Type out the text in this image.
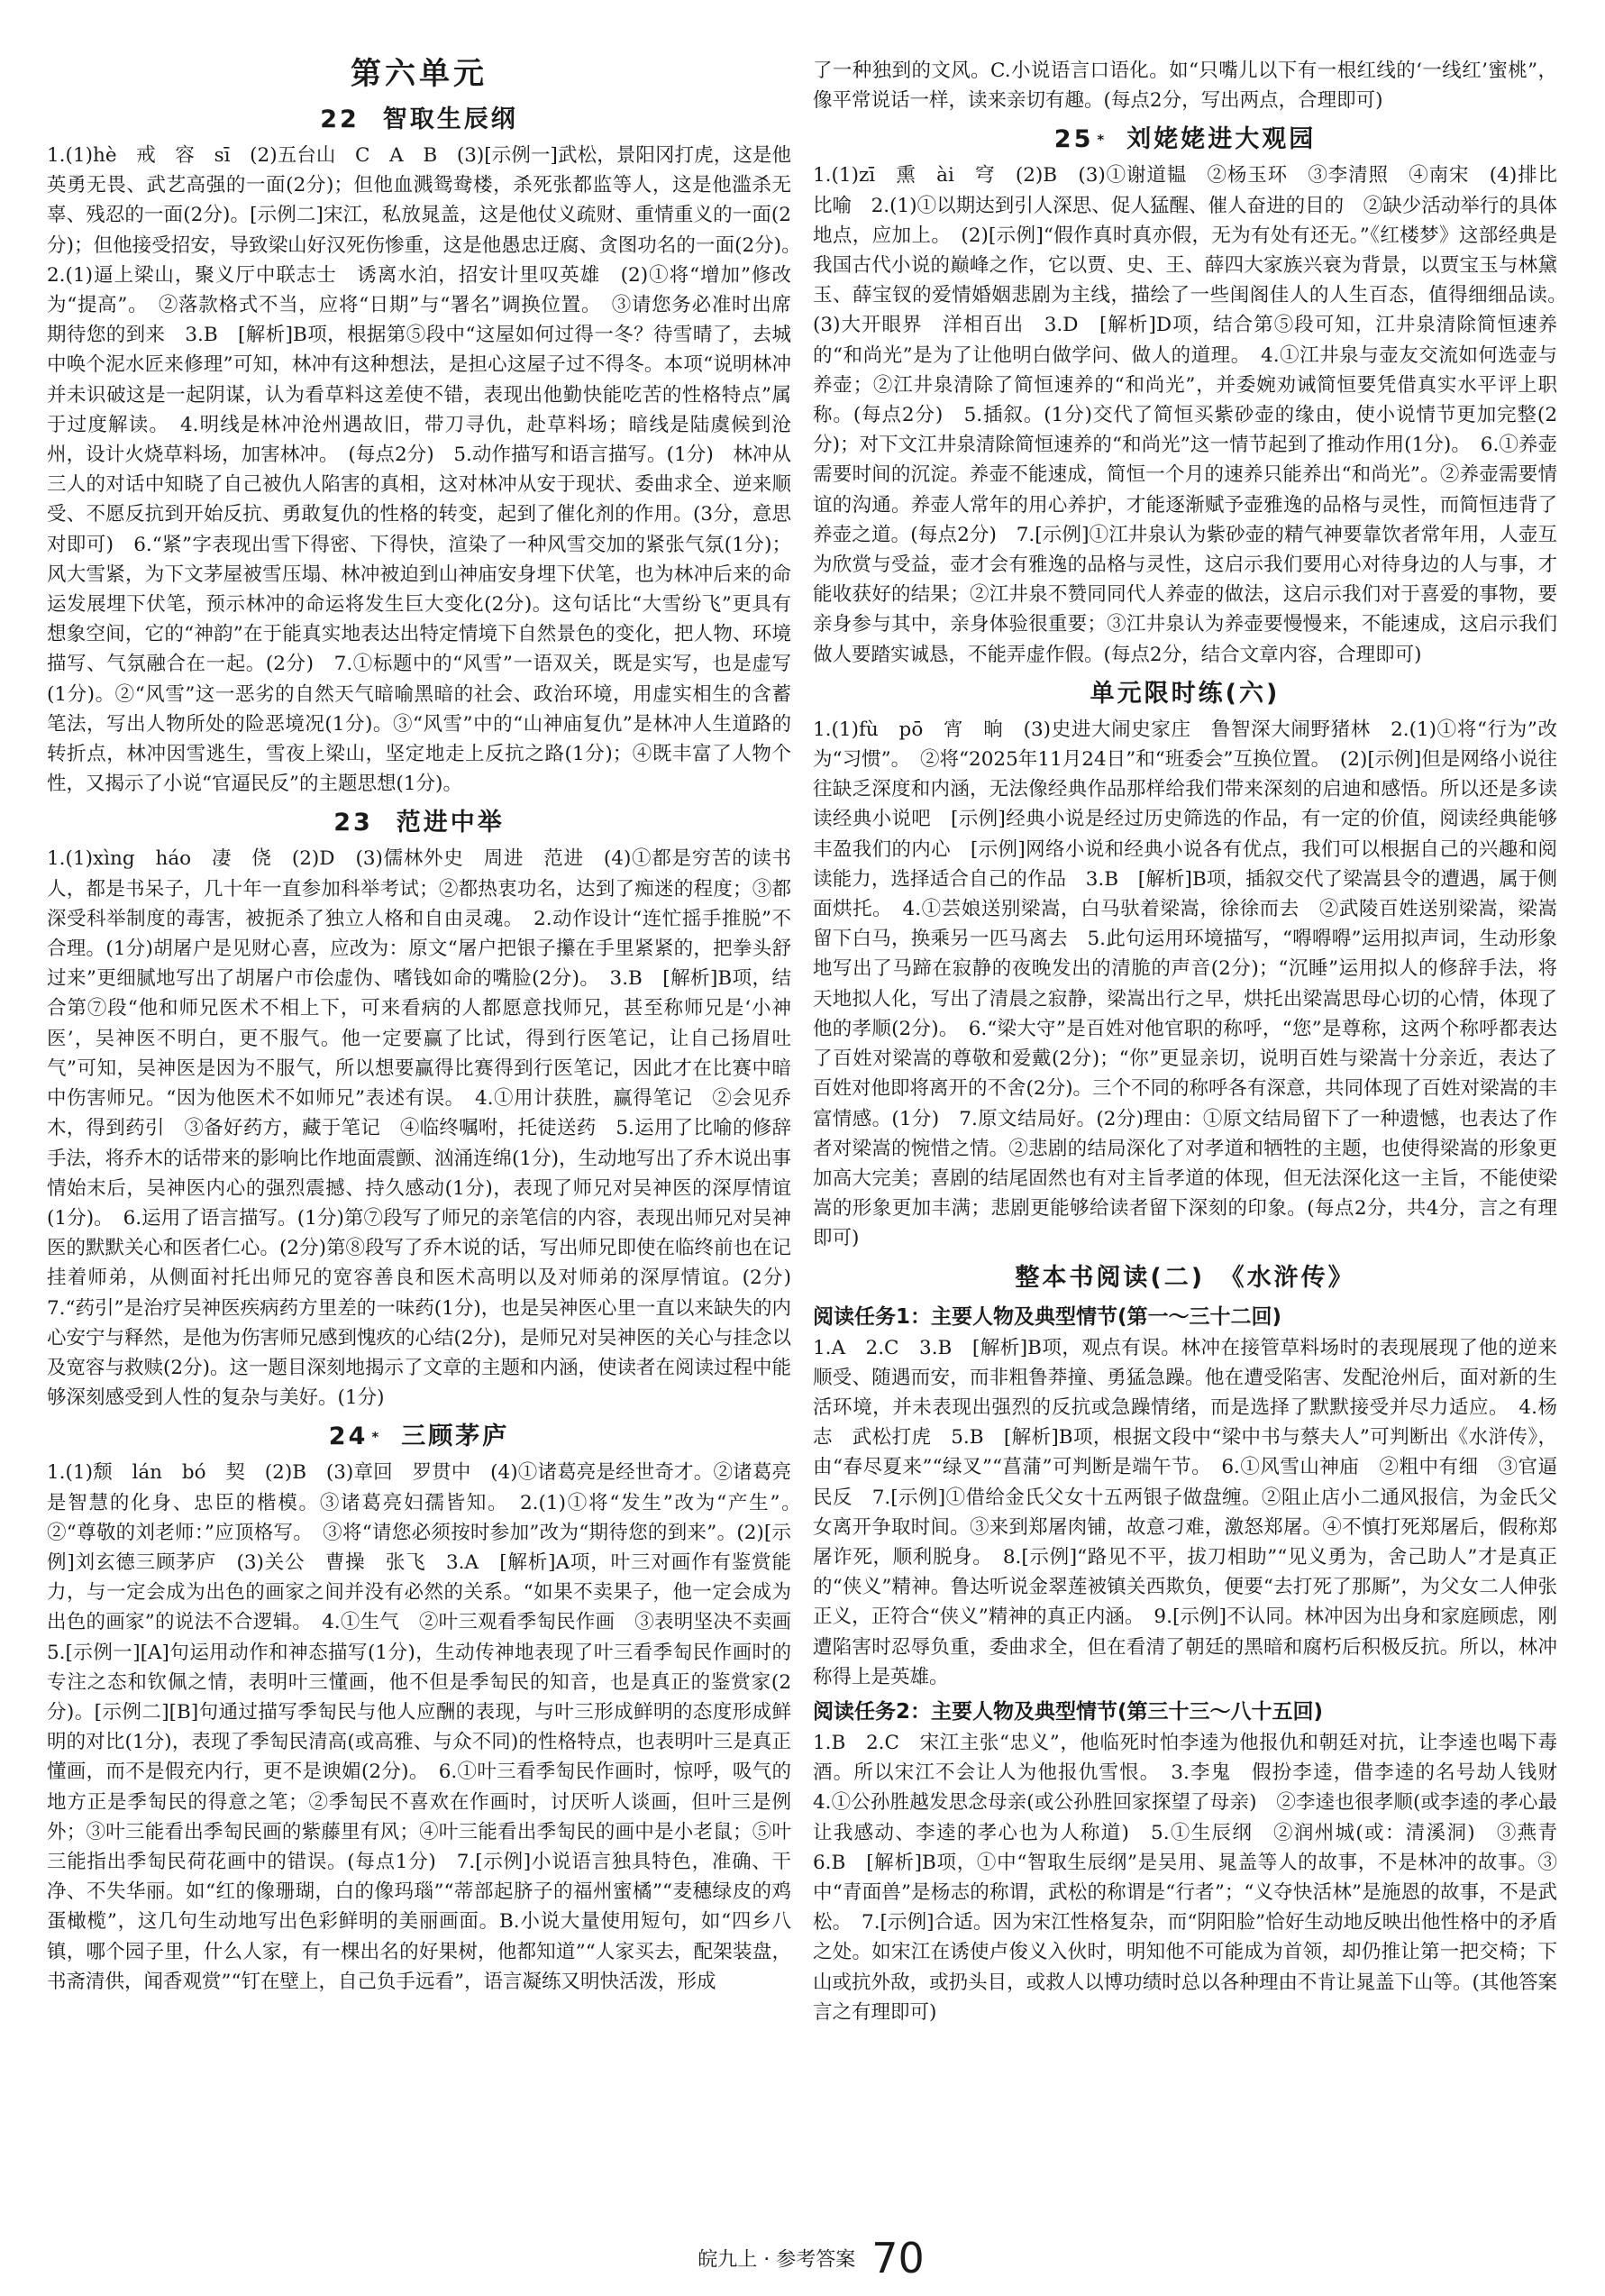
第六单元
22 智取生辰纲

1.(1)hè　戒　容　sī　(2)五台山　C　A　B　(3)[示例一]武松，景阳冈打虎，这是他英勇无畏、武艺高强的一面(2分)；但他血溅鸳鸯楼，杀死张都监等人，这是他滥杀无辜、残忍的一面(2分)。[示例二]宋江，私放晁盖，这是他仗义疏财、重情重义的一面(2分)；但他接受招安，导致梁山好汉死伤惨重，这是他愚忠迂腐、贪图功名的一面(2分)。　2.(1)逼上梁山，聚义厅中联志士　诱离水泊，招安计里叹英雄　(2)①将“增加”修改为“提高”。　②落款格式不当，应将“日期”与“署名”调换位置。　③请您务必准时出席　期待您的到来　3.B　[解析]B项，根据第⑤段中“这屋如何过得一冬？待雪晴了，去城中唤个泥水匠来修理”可知，林冲有这种想法，是担心这屋子过不得冬。本项“说明林冲并未识破这是一起阴谋，认为看草料这差使不错，表现出他勤快能吃苦的性格特点”属于过度解读。　4.明线是林冲沧州遇故旧，带刀寻仇，赴草料场；暗线是陆虞候到沧州，设计火烧草料场，加害林冲。　(每点2分)　5.动作描写和语言描写。(1分)　林冲从三人的对话中知晓了自己被仇人陷害的真相，这对林冲从安于现状、委曲求全、逆来顺受、不愿反抗到开始反抗、勇敢复仇的性格的转变，起到了催化剂的作用。(3分，意思对即可)　6.“紧”字表现出雪下得密、下得快，渲染了一种风雪交加的紧张气氛(1分)；风大雪紧，为下文茅屋被雪压塌、林冲被迫到山神庙安身埋下伏笔，也为林冲后来的命运发展埋下伏笔，预示林冲的命运将发生巨大变化(2分)。这句话比“大雪纷飞”更具有想象空间，它的“神韵”在于能真实地表达出特定情境下自然景色的变化，把人物、环境描写、气氛融合在一起。(2分)　7.①标题中的“风雪”一语双关，既是实写，也是虚写(1分)。②“风雪”这一恶劣的自然天气暗喻黑暗的社会、政治环境，用虚实相生的含蓄笔法，写出人物所处的险恶境况(1分)。③“风雪”中的“山神庙复仇”是林冲人生道路的转折点，林冲因雪逃生，雪夜上梁山，坚定地走上反抗之路(1分)；④既丰富了人物个性，又揭示了小说“官逼民反”的主题思想(1分)。

23 范进中举

1.(1)xìng　háo　凄　侥　(2)D　(3)儒林外史　周进　范进　(4)①都是穷苦的读书人，都是书呆子，几十年一直参加科举考试；②都热衷功名，达到了痴迷的程度；③都深受科举制度的毒害，被扼杀了独立人格和自由灵魂。　2.动作设计“连忙摇手推脱”不合理。(1分)胡屠户是见财心喜，应改为：原文“屠户把银子攥在手里紧紧的，把拳头舒过来”更细腻地写出了胡屠户市侩虚伪、嗜钱如命的嘴脸(2分)。　3.B　[解析]B项，结合第⑦段“他和师兄医术不相上下，可来看病的人都愿意找师兄，甚至称师兄是‘小神医’，吴神医不明白，更不服气。他一定要赢了比试，得到行医笔记，让自己扬眉吐气”可知，吴神医是因为不服气，所以想要赢得比赛得到行医笔记，因此才在比赛中暗中伤害师兄。“因为他医术不如师兄”表述有误。　4.①用计获胜，赢得笔记　②会见乔木，得到药引　③备好药方，藏于笔记　④临终嘱咐，托徒送药　5.运用了比喻的修辞手法，将乔木的话带来的影响比作地面震颤、汹涌连绵(1分)，生动地写出了乔木说出事情始末后，吴神医内心的强烈震撼、持久感动(1分)，表现了师兄对吴神医的深厚情谊(1分)。　6.运用了语言描写。(1分)第⑦段写了师兄的亲笔信的内容，表现出师兄对吴神医的默默关心和医者仁心。(2分)第⑧段写了乔木说的话，写出师兄即使在临终前也在记挂着师弟，从侧面衬托出师兄的宽容善良和医术高明以及对师弟的深厚情谊。(2分)　7.“药引”是治疗吴神医疾病药方里差的一味药(1分)，也是吴神医心里一直以来缺失的内心安宁与释然，是他为伤害师兄感到愧疚的心结(2分)，是师兄对吴神医的关心与挂念以及宽容与救赎(2分)。这一题目深刻地揭示了文章的主题和内涵，使读者在阅读过程中能够深刻感受到人性的复杂与美好。(1分)

24 * 三顾茅庐

1.(1)颓　lán　bó　契　(2)B　(3)章回　罗贯中　(4)①诸葛亮是经世奇才。②诸葛亮是智慧的化身、忠臣的楷模。③诸葛亮妇孺皆知。　2.(1)①将“发生”改为“产生”。　②“尊敬的刘老师：”应顶格写。　③将“请您必须按时参加”改为“期待您的到来”。(2)[示例]刘玄德三顾茅庐　(3)关公　曹操　张飞　3.A　[解析]A项，叶三对画作有鉴赏能力，与一定会成为出色的画家之间并没有必然的关系。“如果不卖果子，他一定会成为出色的画家”的说法不合逻辑。　4.①生气　②叶三观看季匋民作画　③表明坚决不卖画　5.[示例一][A]句运用动作和神态描写(1分)，生动传神地表现了叶三看季匋民作画时的专注之态和钦佩之情，表明叶三懂画，他不但是季匋民的知音，也是真正的鉴赏家(2分)。[示例二][B]句通过描写季匋民与他人应酬的表现，与叶三形成鲜明的态度形成鲜明的对比(1分)，表现了季匋民清高(或高雅、与众不同)的性格特点，也表明叶三是真正懂画，而不是假充内行，更不是谀媚(2分)。　6.①叶三看季匋民作画时，惊呼，吸气的地方正是季匋民的得意之笔；②季匋民不喜欢在作画时，讨厌听人谈画，但叶三是例外；③叶三能看出季匋民画的紫藤里有风；④叶三能看出季匋民的画中是小老鼠；⑤叶三能指出季匋民荷花画中的错误。(每点1分)　7.[示例]小说语言独具特色，准确、干净、不失华丽。如“红的像珊瑚，白的像玛瑙”“蒂部起脐子的福州蜜橘”“麦穗绿皮的鸡蛋橄榄”，这几句生动地写出色彩鲜明的美丽画面。B.小说大量使用短句，如“四乡八镇，哪个园子里，什么人家，有一棵出名的好果树，他都知道”“人家买去，配架装盘，书斋清供，闻香观赏”“钉在壁上，自己负手远看”，语言凝练又明快活泼，形成

了一种独到的文风。C.小说语言口语化。如“只嘴儿以下有一根红线的‘一线红’蜜桃”，像平常说话一样，读来亲切有趣。(每点2分，写出两点，合理即可)

25 * 刘姥姥进大观园

1.(1)zī　熏　ài　穹　(2)B　(3)①谢道韫　②杨玉环　③李清照　④南宋　(4)排比　比喻　2.(1)①以期达到引人深思、促人猛醒、催人奋进的目的　②缺少活动举行的具体地点，应加上。　(2)[示例]“假作真时真亦假，无为有处有还无。”《红楼梦》这部经典是我国古代小说的巅峰之作，它以贾、史、王、薛四大家族兴衰为背景，以贾宝玉与林黛玉、薛宝钗的爱情婚姻悲剧为主线，描绘了一些闺阁佳人的人生百态，值得细细品读。　(3)大开眼界　洋相百出　3.D　[解析]D项，结合第⑤段可知，江井泉清除简恒速养的“和尚光”是为了让他明白做学问、做人的道理。　4.①江井泉与壶友交流如何选壶与养壶；②江井泉清除了简恒速养的“和尚光”，并委婉劝诫简恒要凭借真实水平评上职称。(每点2分)　5.插叙。(1分)交代了简恒买紫砂壶的缘由，使小说情节更加完整(2分)；对下文江井泉清除简恒速养的“和尚光”这一情节起到了推动作用(1分)。　6.①养壶需要时间的沉淀。养壶不能速成，简恒一个月的速养只能养出“和尚光”。②养壶需要情谊的沟通。养壶人常年的用心养护，才能逐渐赋予壶雅逸的品格与灵性，而简恒违背了养壶之道。(每点2分)　7.[示例]①江井泉认为紫砂壶的精气神要靠饮者常年用，人壶互为欣赏与受益，壶才会有雅逸的品格与灵性，这启示我们要用心对待身边的人与事，才能收获好的结果；②江井泉不赞同同代人养壶的做法，这启示我们对于喜爱的事物，要亲身参与其中，亲身体验很重要；③江井泉认为养壶要慢慢来，不能速成，这启示我们做人要踏实诚恳，不能弄虚作假。(每点2分，结合文章内容，合理即可)

单元限时练(六)

1.(1)fù　pō　宵　晌　(3)史进大闹史家庄　鲁智深大闹野猪林　2.(1)①将“行为”改为“习惯”。　②将“2025年11月24日”和“班委会”互换位置。　(2)[示例]但是网络小说往往缺乏深度和内涵，无法像经典作品那样给我们带来深刻的启迪和感悟。所以还是多读读经典小说吧　[示例]经典小说是经过历史筛选的作品，有一定的价值，阅读经典能够丰盈我们的内心　[示例]网络小说和经典小说各有优点，我们可以根据自己的兴趣和阅读能力，选择适合自己的作品　3.B　[解析]B项，插叙交代了梁嵩县令的遭遇，属于侧面烘托。　4.①芸娘送别梁嵩，白马驮着梁嵩，徐徐而去　②武陵百姓送别梁嵩，梁嵩留下白马，换乘另一匹马离去　5.此句运用环境描写，“嘚嘚嘚”运用拟声词，生动形象地写出了马蹄在寂静的夜晚发出的清脆的声音(2分)；“沉睡”运用拟人的修辞手法，将天地拟人化，写出了清晨之寂静，梁嵩出行之早，烘托出梁嵩思母心切的心情，体现了他的孝顺(2分)。　6.“梁大守”是百姓对他官职的称呼，“您”是尊称，这两个称呼都表达了百姓对梁嵩的尊敬和爱戴(2分)；“你”更显亲切，说明百姓与梁嵩十分亲近，表达了百姓对他即将离开的不舍(2分)。三个不同的称呼各有深意，共同体现了百姓对梁嵩的丰富情感。(1分)　7.原文结局好。(2分)理由：①原文结局留下了一种遗憾，也表达了作者对梁嵩的惋惜之情。②悲剧的结局深化了对孝道和牺牲的主题，也使得梁嵩的形象更加高大完美；喜剧的结尾固然也有对主旨孝道的体现，但无法深化这一主旨，不能使梁嵩的形象更加丰满；悲剧更能够给读者留下深刻的印象。(每点2分，共4分，言之有理即可)

整本书阅读(二)　《水浒传》
阅读任务1：主要人物及典型情节(第一～三十二回)

1.A　2.C　3.B　[解析]B项，观点有误。林冲在接管草料场时的表现展现了他的逆来顺受、随遇而安，而非粗鲁莽撞、勇猛急躁。他在遭受陷害、发配沧州后，面对新的生活环境，并未表现出强烈的反抗或急躁情绪，而是选择了默默接受并尽力适应。　4.杨志　武松打虎　5.B　[解析]B项，根据文段中“梁中书与蔡夫人”可判断出《水浒传》，由“春尽夏来”“绿叉”“菖蒲”可判断是端午节。　6.①风雪山神庙　②粗中有细　③官逼民反　7.[示例]①借给金氏父女十五两银子做盘缠。②阻止店小二通风报信，为金氏父女离开争取时间。③来到郑屠肉铺，故意刁难，激怒郑屠。④不慎打死郑屠后，假称郑屠诈死，顺利脱身。　8.[示例]“路见不平，拔刀相助”“见义勇为，舍己助人”才是真正的“侠义”精神。鲁达听说金翠莲被镇关西欺负，便要“去打死了那厮”，为父女二人伸张正义，正符合“侠义”精神的真正内涵。　9.[示例]不认同。林冲因为出身和家庭顾虑，刚遭陷害时忍辱负重，委曲求全，但在看清了朝廷的黑暗和腐朽后积极反抗。所以，林冲称得上是英雄。

阅读任务2：主要人物及典型情节(第三十三～八十五回)

1.B　2.C　宋江主张“忠义”，他临死时怕李逵为他报仇和朝廷对抗，让李逵也喝下毒酒。所以宋江不会让人为他报仇雪恨。　3.李鬼　假扮李逵，借李逵的名号劫人钱财　4.①公孙胜越发思念母亲(或公孙胜回家探望了母亲)　②李逵也很孝顺(或李逵的孝心最让我感动、李逵的孝心也为人称道)　5.①生辰纲　②润州城(或：清溪洞)　③燕青　6.B　[解析]B项，①中“智取生辰纲”是吴用、晁盖等人的故事，不是林冲的故事。③中“青面兽”是杨志的称谓，武松的称谓是“行者”；“义夺快活林”是施恩的故事，不是武松。　7.[示例]合适。因为宋江性格复杂，而“阴阳脸”恰好生动地反映出他性格中的矛盾之处。如宋江在诱使卢俊义入伙时，明知他不可能成为首领，却仍推让第一把交椅；下山或抗外敌，或扔头目，或救人以博功绩时总以各种理由不肯让晁盖下山等。(其他答案言之有理即可)

皖九上 · 参考答案 70
